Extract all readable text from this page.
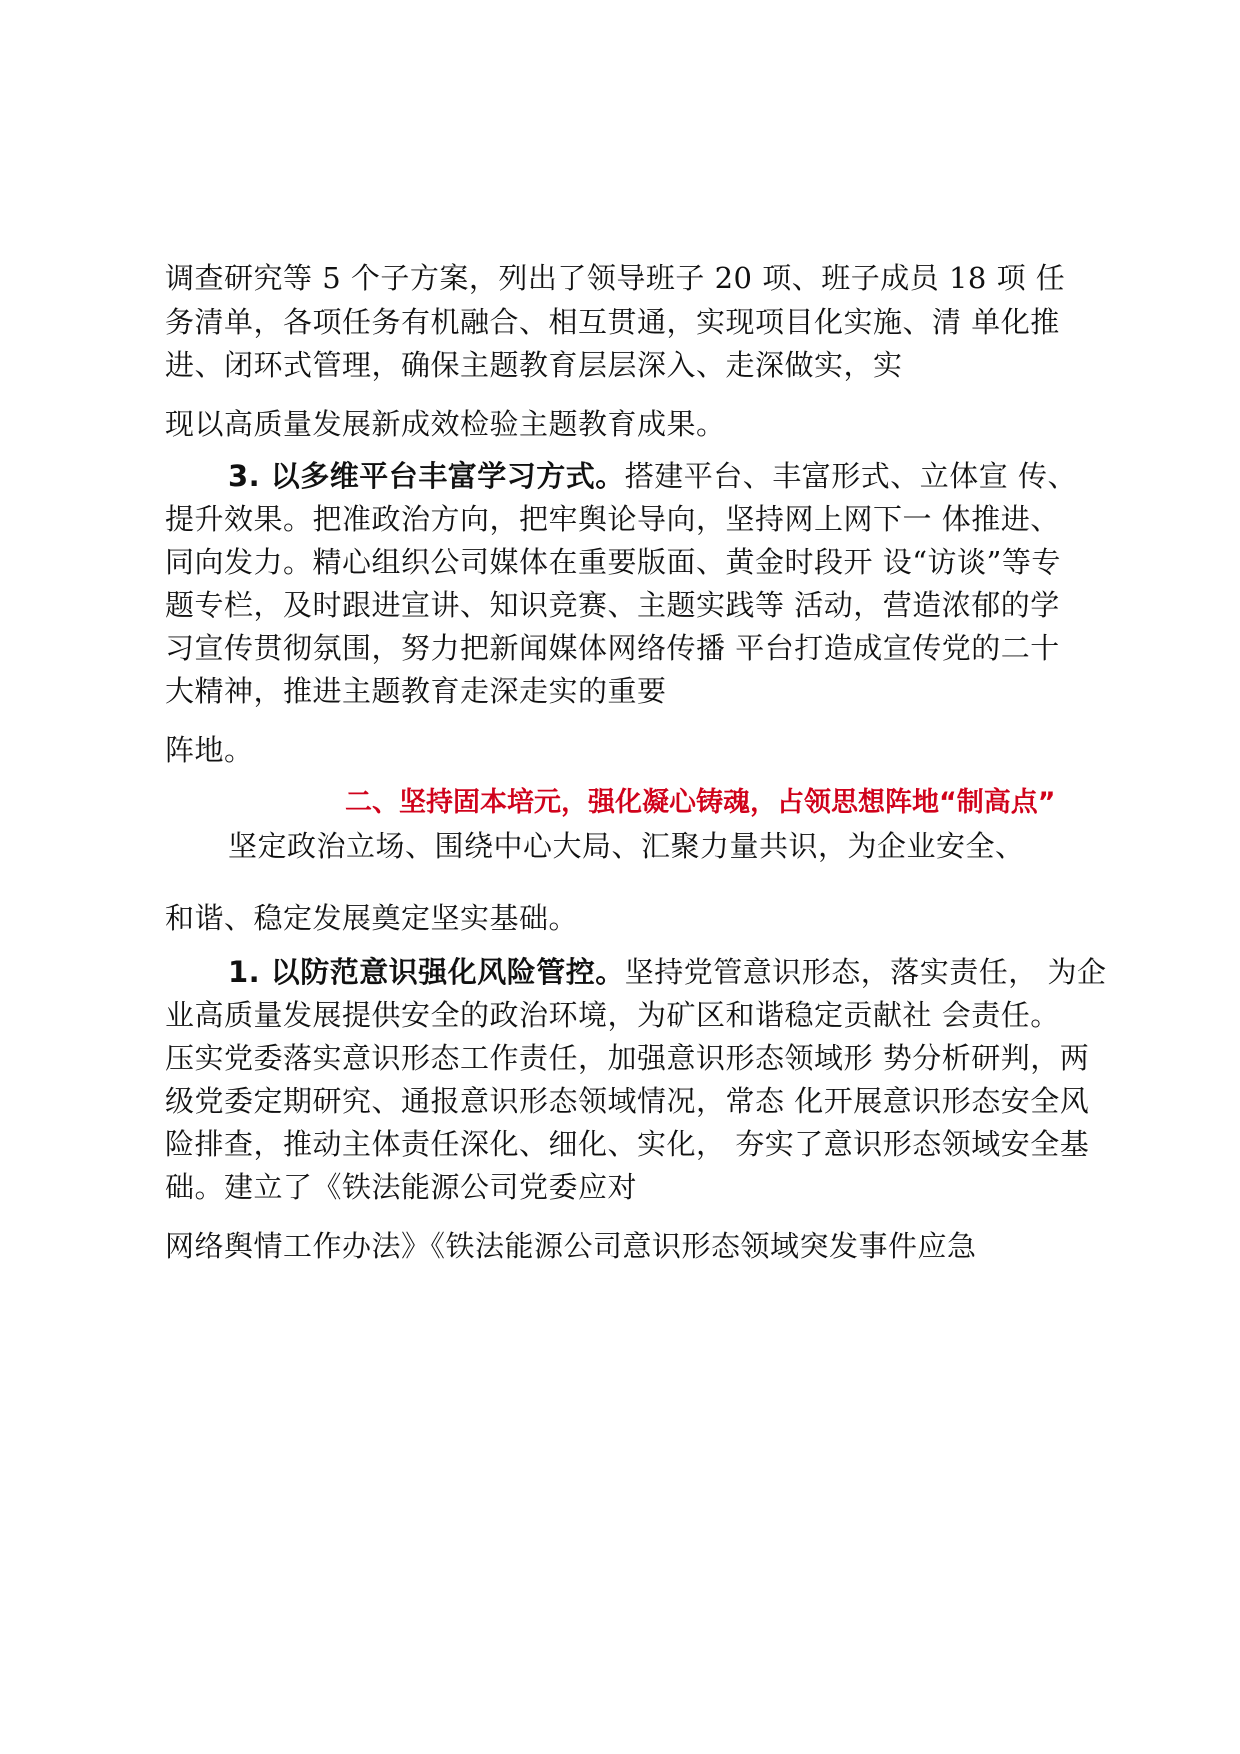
调查研究等 5 个子方案，列出了领导班子 20 项、班子成员 18 项 任
务清单，各项任务有机融合、相互贯通，实现项目化实施、清 单化推
进、闭环式管理，确保主题教育层层深入、走深做实，实
现以高质量发展新成效检验主题教育成果。
3. 以多维平台丰富学习方式。搭建平台、丰富形式、立体宣 传、
提升效果。把准政治方向，把牢舆论导向，坚持网上网下一 体推进、
同向发力。精心组织公司媒体在重要版面、黄金时段开 设“访谈”等专
题专栏，及时跟进宣讲、知识竞赛、主题实践等 活动，营造浓郁的学
习宣传贯彻氛围，努力把新闻媒体网络传播 平台打造成宣传党的二十
大精神，推进主题教育走深走实的重要
阵地。
二、坚持固本培元，强化凝心铸魂，占领思想阵地“制高点”
坚定政治立场、围绕中心大局、汇聚力量共识，为企业安全、
和谐、稳定发展奠定坚实基础。
1. 以防范意识强化风险管控。坚持党管意识形态，落实责任， 为企
业高质量发展提供安全的政治环境，为矿区和谐稳定贡献社 会责任。
压实党委落实意识形态工作责任，加强意识形态领域形 势分析研判，两
级党委定期研究、通报意识形态领域情况，常态 化开展意识形态安全风
险排查，推动主体责任深化、细化、实化， 夯实了意识形态领域安全基
础。建立了《铁法能源公司党委应对
网络舆情工作办法》《铁法能源公司意识形态领域突发事件应急
